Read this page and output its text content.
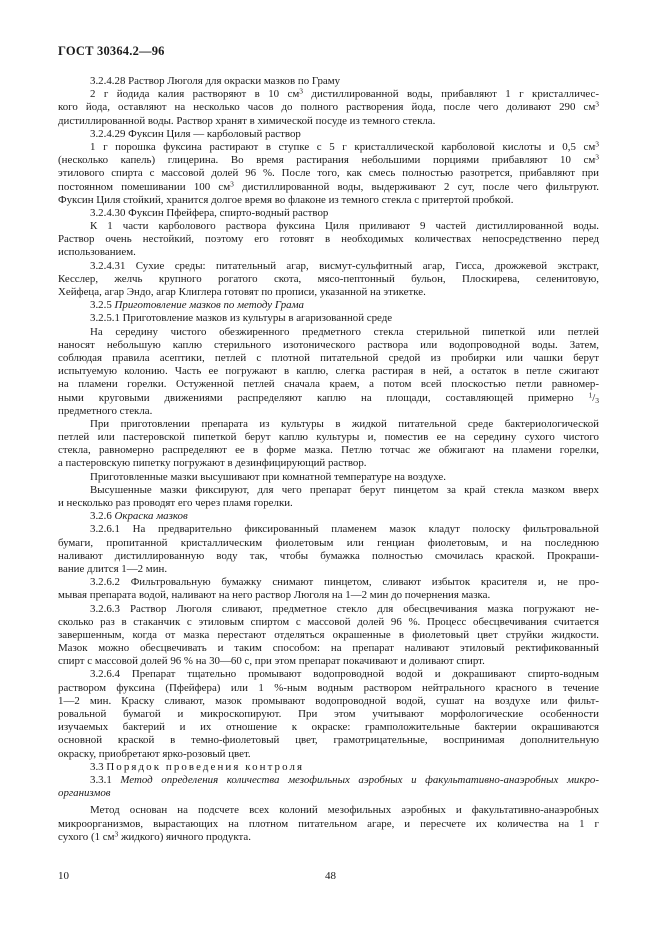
ГОСТ 30364.2—96
3.2.4.28 Раствор Люголя для окраски мазков по Граму
2 г йодида калия растворяют в 10 $см^3$ дистиллированной воды, прибавляют 1 г кристалличес-
кого йода, оставляют на несколько часов до полного растворения йода, после чего доливают 290 $см^3$
дистиллированной воды. Раствор хранят в химической посуде из темного стекла.
3.2.4.29 Фуксин Циля — карболовый раствор
1 г порошка фуксина растирают в ступке с 5 г кристаллической карболовой кислоты и 0,5 $см^3$
(несколько капель) глицерина. Во время растирания небольшими порциями прибавляют 10 $см^3$
этилового спирта с массовой долей 96 %. После того, как смесь полностью разотрется, прибавляют при
постоянном помешивании 100 $см^3$ дистиллированной воды, выдерживают 2 сут, после чего фильтруют.
Фуксин Циля стойкий, хранится долгое время во флаконе из темного стекла с притертой пробкой.
3.2.4.30 Фуксин Пфейфера, спирто-водный раствор
К 1 части карболового раствора фуксина Циля приливают 9 частей дистиллированной воды.
Раствор очень нестойкий, поэтому его готовят в необходимых количествах непосредственно перед
использованием.
3.2.4.31 Сухие среды: питательный агар, висмут-сульфитный агар, Гисса, дрожжевой экстракт,
Кесслер, желчь крупного рогатого скота, мясо-пептонный бульон, Плоскирева, селенитовую,
Хейфеца, агар Эндо, агар Клиглера готовят по прописи, указанной на этикетке.
3.2.5 Приготовление мазков по методу Грама
3.2.5.1 Приготовление мазков из культуры в агаризованной среде
На середину чистого обезжиренного предметного стекла стерильной пипеткой или петлей
наносят небольшую каплю стерильного изотонического раствора или водопроводной воды. Затем,
соблюдая правила асептики, петлей с плотной питательной средой из пробирки или чашки берут
испытуемую колонию. Часть ее погружают в каплю, слегка растирая в ней, а остаток в петле сжигают
на пламени горелки. Остуженной петлей сначала краем, а потом всей плоскостью петли равномер-
ными круговыми движениями распределяют каплю на площади, составляющей примерно $^1/_3$
предметного стекла.
При приготовлении препарата из культуры в жидкой питательной среде бактериологической
петлей или пастеровской пипеткой берут каплю культуры и, поместив ее на середину сухого чистого
стекла, равномерно распределяют ее в форме мазка. Петлю тотчас же обжигают на пламени горелки,
а пастеровскую пипетку погружают в дезинфицирующий раствор.
Приготовленные мазки высушивают при комнатной температуре на воздухе.
Высушенные мазки фиксируют, для чего препарат берут пинцетом за край стекла мазком вверх
и несколько раз проводят его через пламя горелки.
3.2.6 Окраска мазков
3.2.6.1 На предварительно фиксированный пламенем мазок кладут полоску фильтровальной
бумаги, пропитанной кристаллическим фиолетовым или генциан фиолетовым, и на последнюю
наливают дистиллированную воду так, чтобы бумажка полностью смочилась краской. Прокраши-
вание длится 1—2 мин.
3.2.6.2 Фильтровальную бумажку снимают пинцетом, сливают избыток красителя и, не про-
мывая препарата водой, наливают на него раствор Люголя на 1—2 мин до почернения мазка.
3.2.6.3 Раствор Люголя сливают, предметное стекло для обесцвечивания мазка погружают не-
сколько раз в стаканчик с этиловым спиртом с массовой долей 96 %. Процесс обесцвечивания считается
завершенным, когда от мазка перестают отделяться окрашенные в фиолетовый цвет струйки жидкости.
Мазок можно обесцвечивать и таким способом: на препарат наливают этиловый ректификованный
спирт с массовой долей 96 % на 30—60 с, при этом препарат покачивают и доливают спирт.
3.2.6.4 Препарат тщательно промывают водопроводной водой и докрашивают спирто-водным
раствором фуксина (Пфейфера) или 1 %-ным водным раствором нейтрального красного в течение
1—2 мин. Краску сливают, мазок промывают водопроводной водой, сушат на воздухе или фильт-
ровальной бумагой и микроскопируют. При этом учитывают морфологические особенности
изучаемых бактерий и их отношение к окраске: грамположительные бактерии окрашиваются
основной краской в темно-фиолетовый цвет, грамотрицательные, воспринимая дополнительную
окраску, приобретают ярко-розовый цвет.
3.3 Порядок проведения контроля
3.3.1 Метод определения количества мезофильных аэробных и факультативно-анаэробных микро-
организмов
Метод основан на подсчете всех колоний мезофильных аэробных и факультативно-анаэробных
микроорганизмов, вырастающих на плотном питательном агаре, и пересчете их количества на 1 г
сухого (1 $см^3$ жидкого) яичного продукта.
10	48
